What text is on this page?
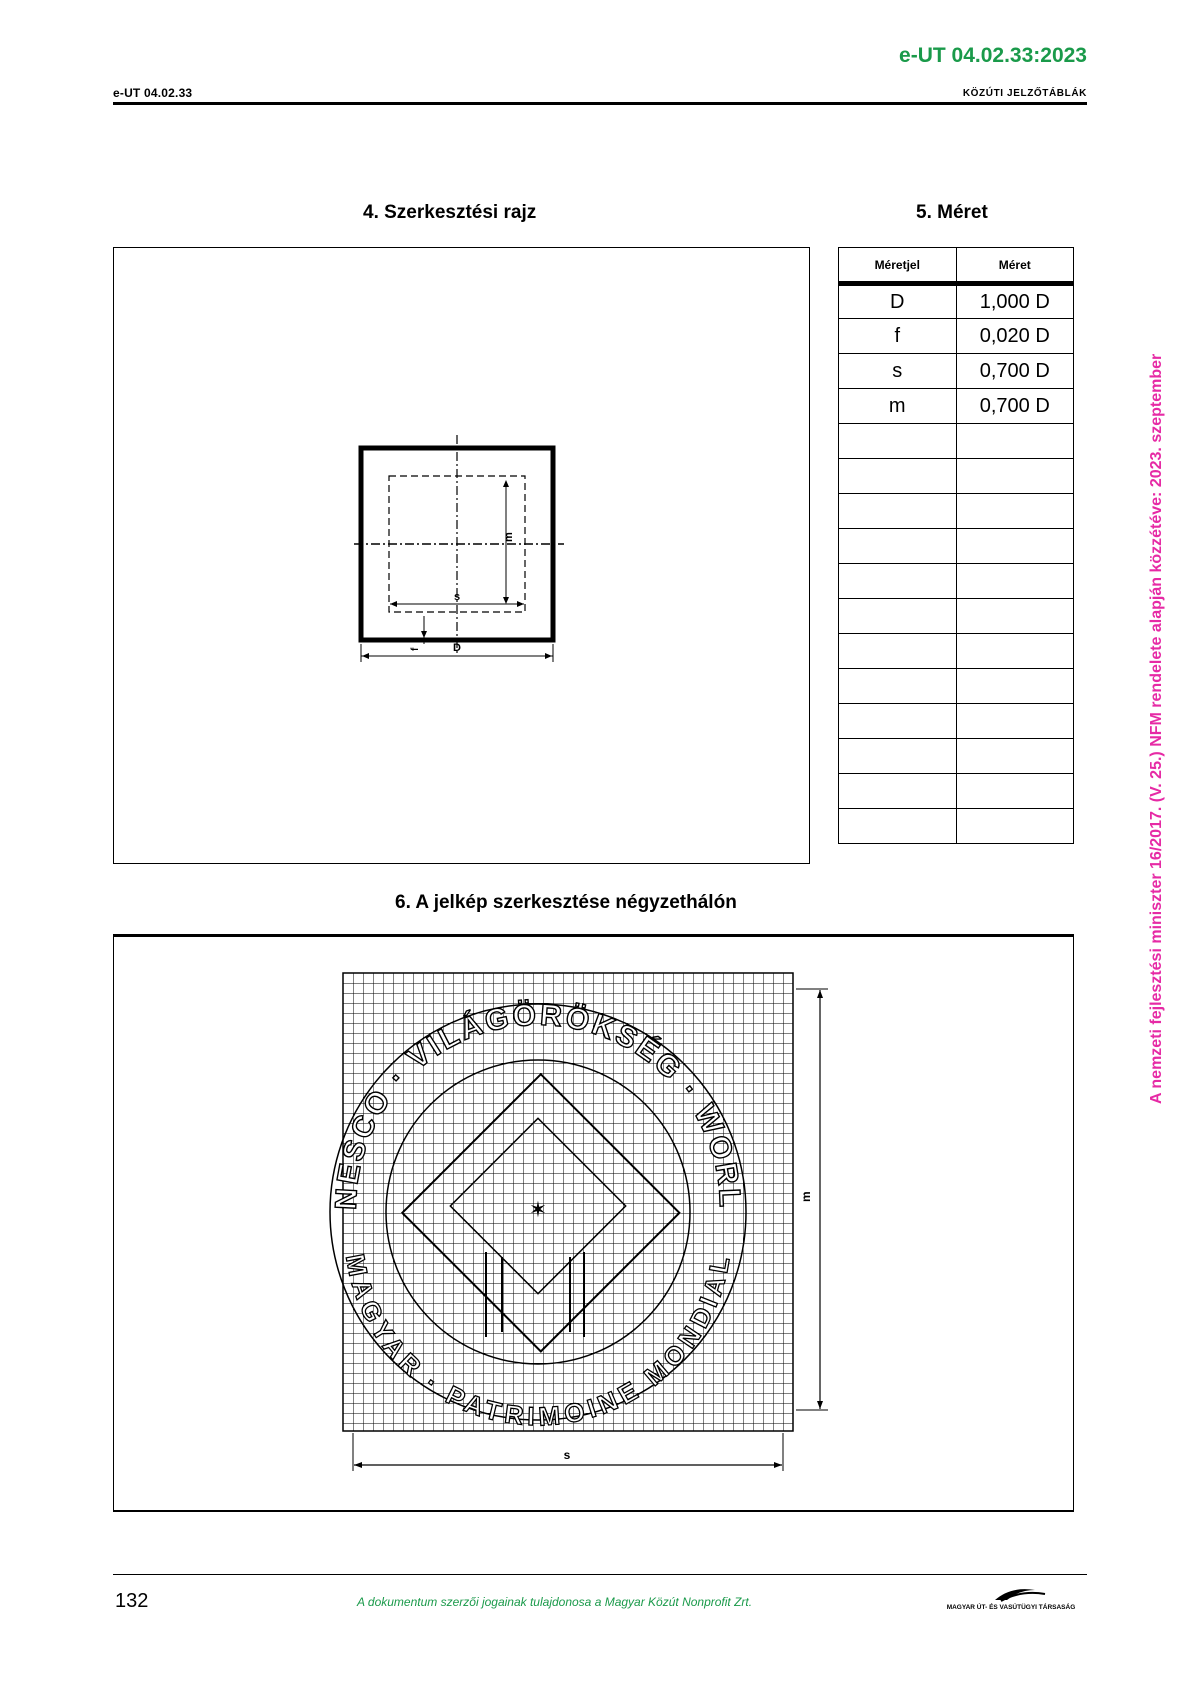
e-UT 04.02.33:2023
e-UT 04.02.33	KÖZÚTI JELZŐTÁBLÁK
A nemzeti fejlesztési miniszter 16/2017. (V. 25.) NFM rendelete alapján közzétéve: 2023. szeptember
4. Szerkesztési rajz	5. Méret
m
s
f	D
Méretjel	Méret
D	1,000 D
f	0,020 D
s	0,700 D
m	0,700 D

6. A jelkép szerkesztése négyzethálón
✶
NESCO · VILÁGÖRÖKSÉG · WORL
MAGYAR · PATRIMOINE MONDIAL
m
s
132	A dokumentum szerzői jogainak tulajdonosa a Magyar Közút Nonprofit Zrt.	MAGYAR ÚT- ÉS VASÚTÜGYI TÁRSASÁG
